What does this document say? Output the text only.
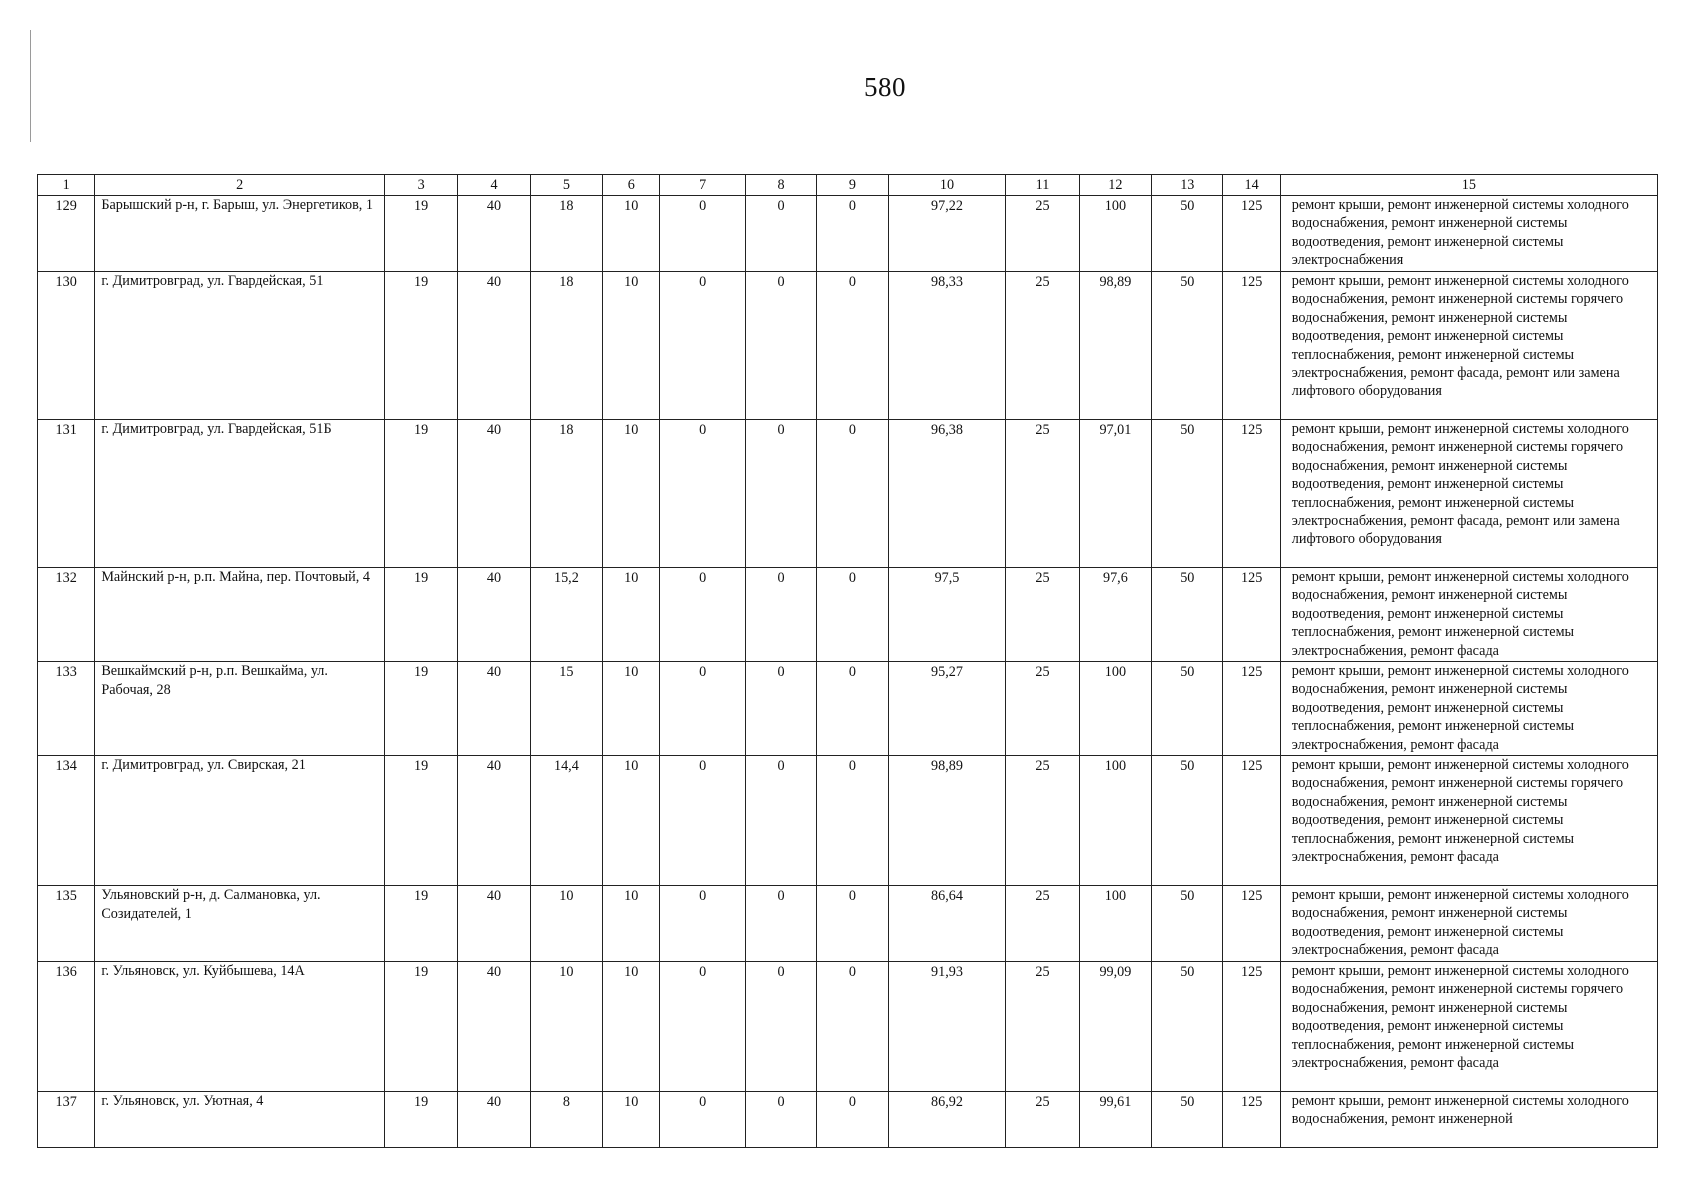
580
1	2	3	4	5	6	7	8	9	10	11	12	13	14	15
129	Барышский р-н, г. Барыш, ул. Энергетиков, 1	19	40	18	10	0	0	0	97,22	25	100	50	125	ремонт крыши, ремонт инженерной системы холодного водоснабжения, ремонт инженерной системы водоотведения, ремонт инженерной системы электроснабжения
130	г. Димитровград, ул. Гвардейская, 51	19	40	18	10	0	0	0	98,33	25	98,89	50	125	ремонт крыши, ремонт инженерной системы холодного водоснабжения, ремонт инженерной системы горячего водоснабжения, ремонт инженерной системы водоотведения, ремонт инженерной системы теплоснабжения, ремонт инженерной системы электроснабжения, ремонт фасада, ремонт или замена лифтового оборудования
131	г. Димитровград, ул. Гвардейская, 51Б	19	40	18	10	0	0	0	96,38	25	97,01	50	125	ремонт крыши, ремонт инженерной системы холодного водоснабжения, ремонт инженерной системы горячего водоснабжения, ремонт инженерной системы водоотведения, ремонт инженерной системы теплоснабжения, ремонт инженерной системы электроснабжения, ремонт фасада, ремонт или замена лифтового оборудования
132	Майнский р-н, р.п. Майна, пер. Почтовый, 4	19	40	15,2	10	0	0	0	97,5	25	97,6	50	125	ремонт крыши, ремонт инженерной системы холодного водоснабжения, ремонт инженерной системы водоотведения, ремонт инженерной системы теплоснабжения, ремонт инженерной системы электроснабжения, ремонт фасада
133	Вешкаймский р-н, р.п. Вешкайма, ул. Рабочая, 28	19	40	15	10	0	0	0	95,27	25	100	50	125	ремонт крыши, ремонт инженерной системы холодного водоснабжения, ремонт инженерной системы водоотведения, ремонт инженерной системы теплоснабжения, ремонт инженерной системы электроснабжения, ремонт фасада
134	г. Димитровград, ул. Свирская, 21	19	40	14,4	10	0	0	0	98,89	25	100	50	125	ремонт крыши, ремонт инженерной системы холодного водоснабжения, ремонт инженерной системы горячего водоснабжения, ремонт инженерной системы водоотведения, ремонт инженерной системы теплоснабжения, ремонт инженерной системы электроснабжения, ремонт фасада
135	Ульяновский р-н, д. Салмановка, ул. Созидателей, 1	19	40	10	10	0	0	0	86,64	25	100	50	125	ремонт крыши, ремонт инженерной системы холодного водоснабжения, ремонт инженерной системы водоотведения, ремонт инженерной системы электроснабжения, ремонт фасада
136	г. Ульяновск, ул. Куйбышева, 14А	19	40	10	10	0	0	0	91,93	25	99,09	50	125	ремонт крыши, ремонт инженерной системы холодного водоснабжения, ремонт инженерной системы горячего водоснабжения, ремонт инженерной системы водоотведения, ремонт инженерной системы теплоснабжения, ремонт инженерной системы электроснабжения, ремонт фасада
137	г. Ульяновск, ул. Уютная, 4	19	40	8	10	0	0	0	86,92	25	99,61	50	125	ремонт крыши, ремонт инженерной системы холодного водоснабжения, ремонт инженерной
